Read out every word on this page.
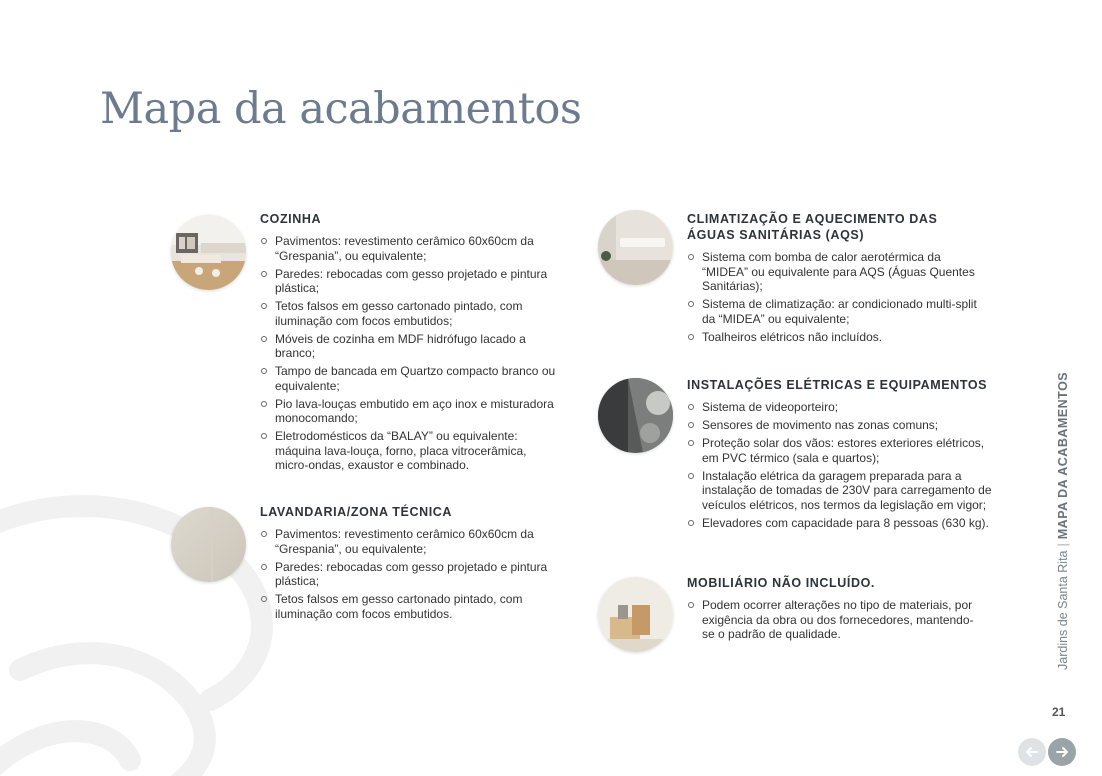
Mapa da acabamentos
COZINHA
Pavimentos: revestimento cerâmico 60x60cm da “Grespania”, ou equivalente;
Paredes: rebocadas com gesso projetado e pintura plástica;
Tetos falsos em gesso cartonado pintado, com iluminação com focos embutidos;
Móveis de cozinha em MDF hidrófugo lacado a branco;
Tampo de bancada em Quartzo compacto branco ou equivalente;
Pio lava-louças embutido em aço inox e misturadora monocomando;
Eletrodomésticos da “BALAY” ou equivalente: máquina lava-louça, forno, placa vitrocerâmica, micro-ondas, exaustor e combinado.
LAVANDARIA/ZONA TÉCNICA
Pavimentos: revestimento cerâmico 60x60cm da “Grespania”, ou equivalente;
Paredes: rebocadas com gesso projetado e pintura plástica;
Tetos falsos em gesso cartonado pintado, com iluminação com focos embutidos.
CLIMATIZAÇÃO E AQUECIMENTO DAS ÁGUAS SANITÁRIAS (AQS)
Sistema com bomba de calor aerotérmica da “MIDEA” ou equivalente para AQS (Águas Quentes Sanitárias);
Sistema de climatização: ar condicionado multi-split da “MIDEA” ou equivalente;
Toalheiros elétricos não incluídos.
INSTALAÇÕES ELÉTRICAS E EQUIPAMENTOS
Sistema de videoporteiro;
Sensores de movimento nas zonas comuns;
Proteção solar dos vãos: estores exteriores elétricos, em PVC térmico (sala e quartos);
Instalação elétrica da garagem preparada para a instalação de tomadas de 230V para carregamento de veículos elétricos, nos termos da legislação em vigor;
Elevadores com capacidade para 8 pessoas (630 kg).
MOBILIÁRIO NÃO INCLUÍDO.
Podem ocorrer alterações no tipo de materiais, por exigência da obra ou dos fornecedores, mantendo-se o padrão de qualidade.	Jardins de Santa Rita|MAPA DA ACABAMENTOS
21
